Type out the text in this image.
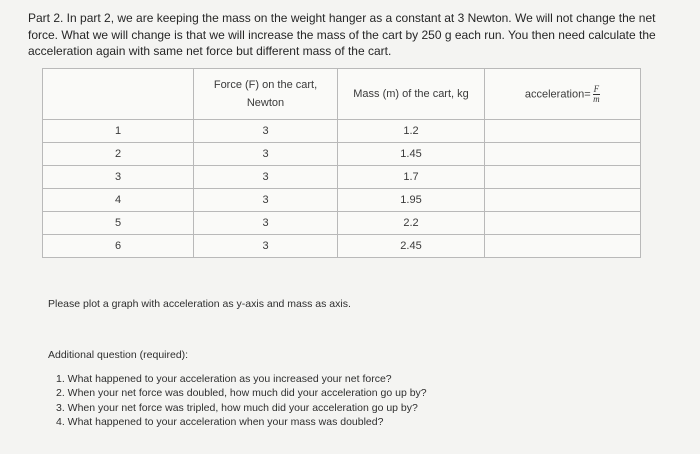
Part 2. In part 2, we are keeping the mass on the weight hanger as a constant at 3 Newton. We will not change the net force. What we will change is that we will increase the mass of the cart by 250 g each run. You then need calculate the acceleration again with same net force but different mass of the cart.
	Force (F) on the cart, Newton	Mass (m) of the cart, kg	acceleration= $\frac{F}{m}$

1	3	1.2	
2	3	1.45	
3	3	1.7	
4	3	1.95	
5	3	2.2	
6	3	2.45	
Please plot a graph with acceleration as y-axis and mass as axis.
Additional question (required):
1. What happened to your acceleration as you increased your net force?
2. When your net force was doubled, how much did your acceleration go up by?
3. When your net force was tripled, how much did your acceleration go up by?
4. What happened to your acceleration when your mass was doubled?
